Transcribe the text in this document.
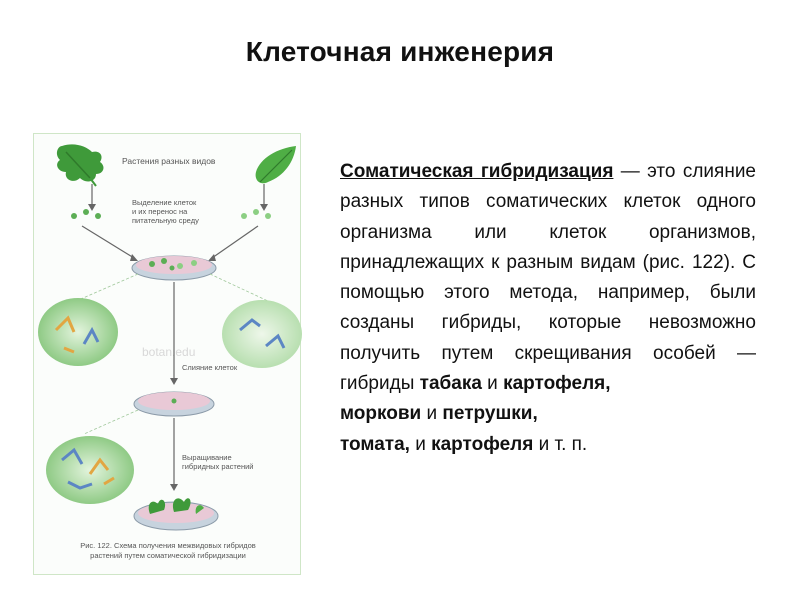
Клеточная инженерия
Растения разных видов
Выделение клеток
и их перенос на
питательную среду
botan.edu
Слияние клеток
Выращивание
гибридных растений
Рис. 122. Схема получения межвидовых гибридов
растений путем соматической гибридизации
Соматическая гибридизация — это слияние разных типов соматических клеток одного организма или клеток организмов, принадлежащих к разным видам (рис. 122). С помощью этого метода, например, были созданы гибриды, которые невозможно получить путем скрещивания особей —
гибриды табака и картофеля,
моркови и петрушки,
томата, и картофеля и т. п.
